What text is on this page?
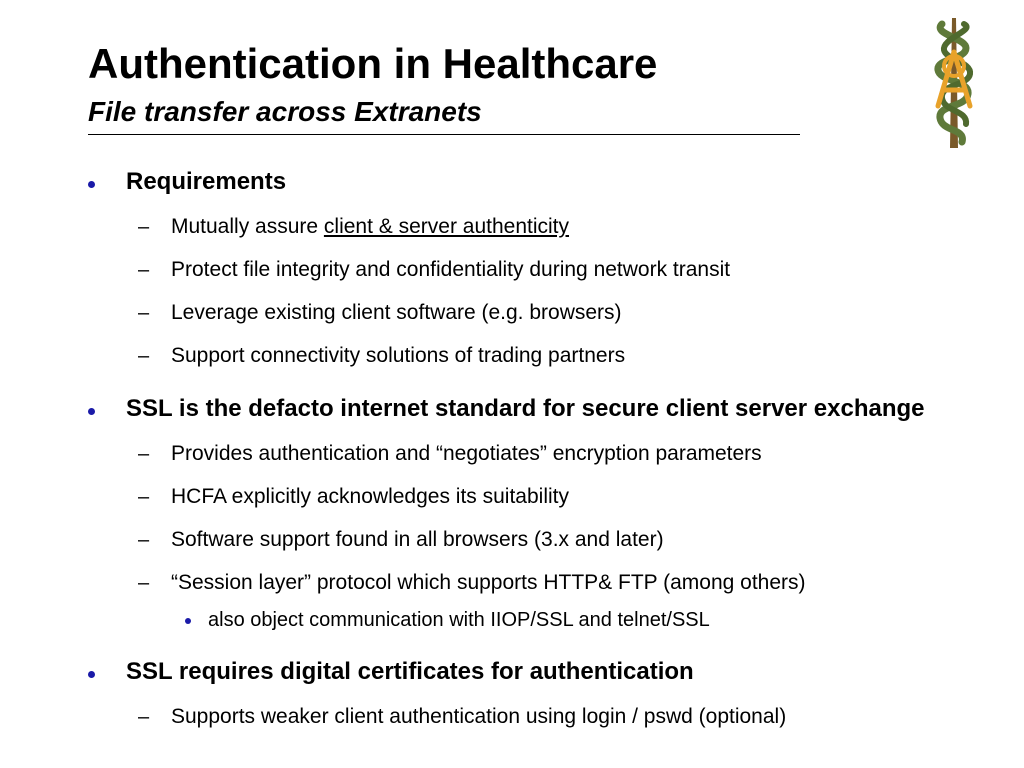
Authentication in Healthcare
File transfer across Extranets
Requirements
– Mutually assure client & server authenticity
– Protect file integrity and confidentiality during network transit
– Leverage existing client software (e.g. browsers)
– Support connectivity solutions of trading partners
SSL is the defacto internet standard for secure client server exchange
– Provides authentication and “negotiates” encryption parameters
– HCFA explicitly acknowledges its suitability
– Software support found in all browsers (3.x and later)
– “Session layer” protocol which supports HTTP& FTP (among others)
also object communication with IIOP/SSL and telnet/SSL
SSL requires digital certificates for authentication
– Supports weaker client authentication using login / pswd (optional)
